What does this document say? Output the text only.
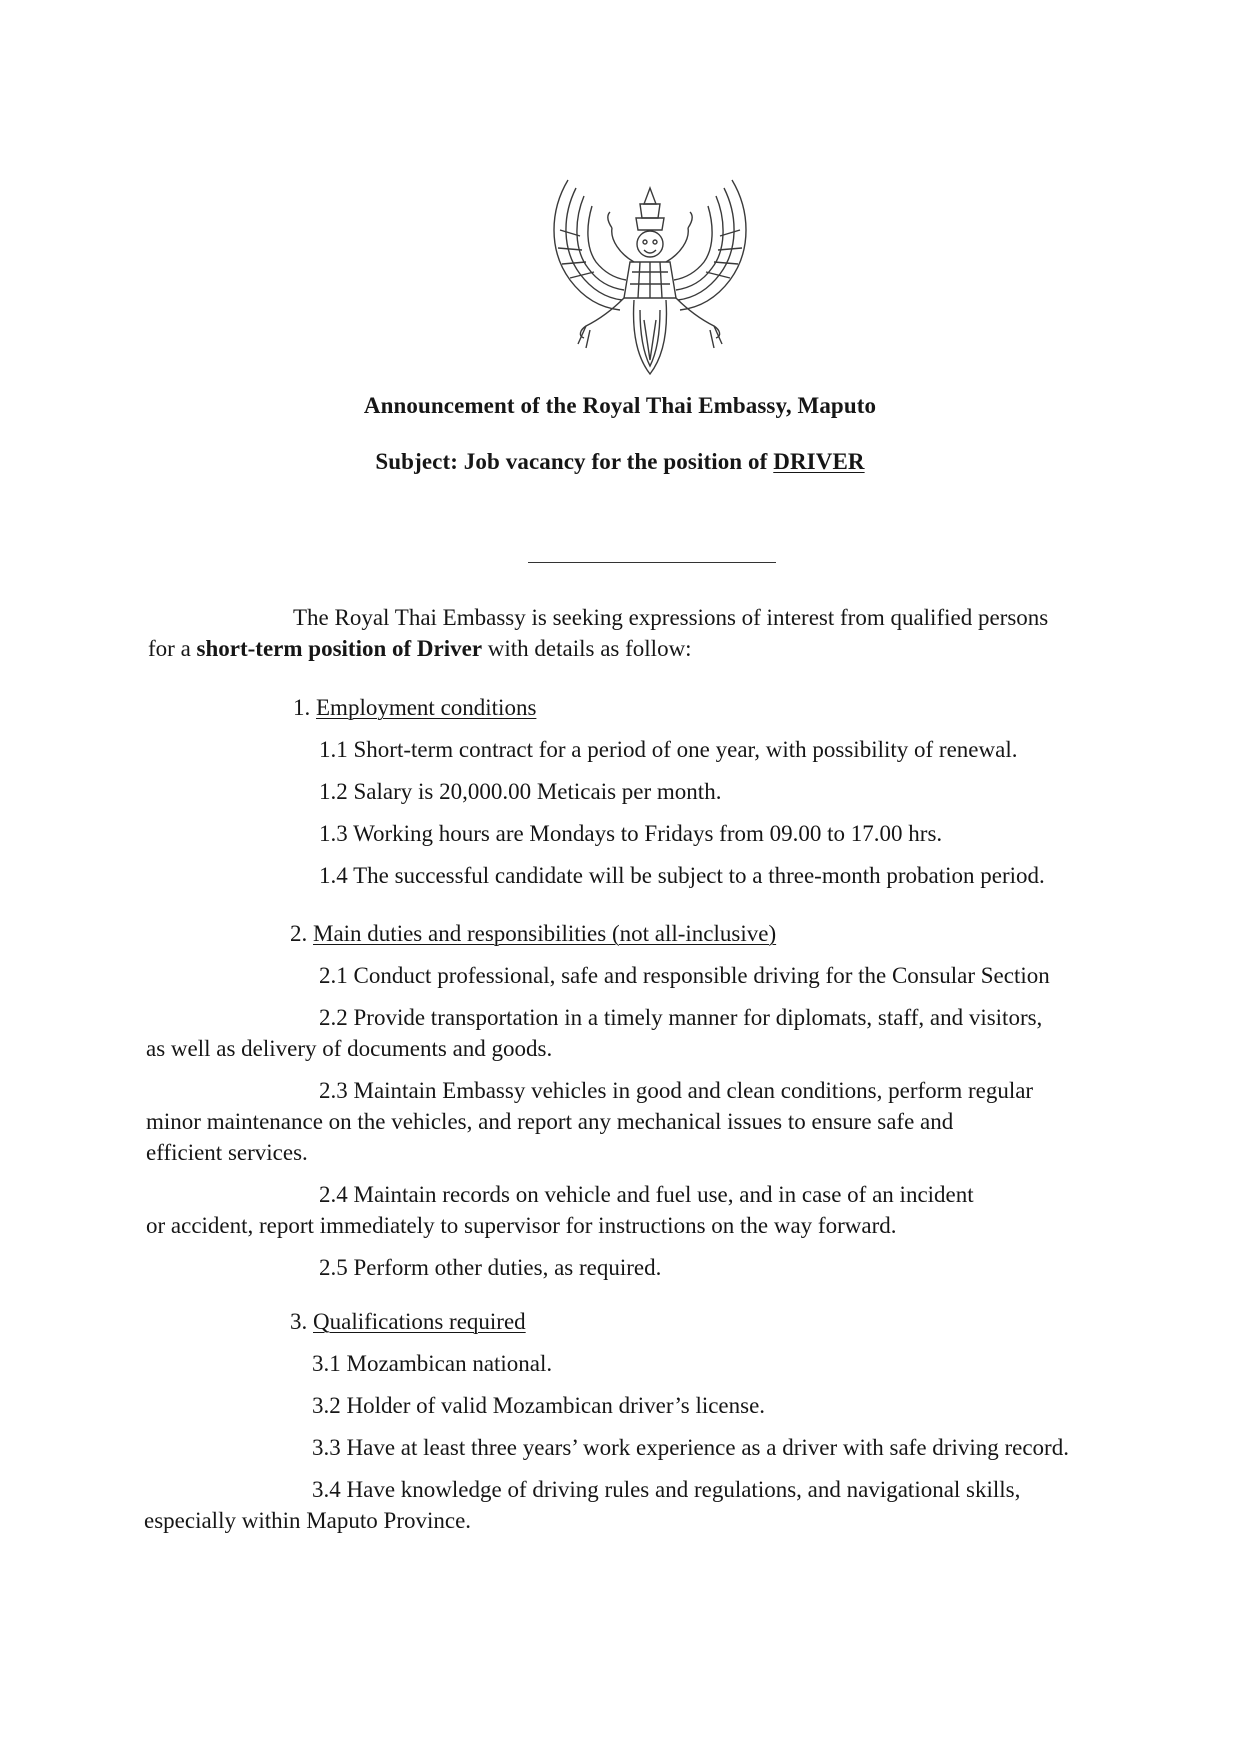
Announcement of the Royal Thai Embassy, Maputo
Subject: Job vacancy for the position of DRIVER
The Royal Thai Embassy is seeking expressions of interest from qualified persons
for a short-term position of Driver with details as follow:
1. Employment conditions
1.1 Short-term contract for a period of one year, with possibility of renewal.
1.2 Salary is 20,000.00 Meticais per month.
1.3 Working hours are Mondays to Fridays from 09.00 to 17.00 hrs.
1.4 The successful candidate will be subject to a three-month probation period.
2. Main duties and responsibilities (not all-inclusive)
2.1 Conduct professional, safe and responsible driving for the Consular Section
2.2 Provide transportation in a timely manner for diplomats, staff, and visitors,
as well as delivery of documents and goods.
2.3 Maintain Embassy vehicles in good and clean conditions, perform regular
minor maintenance on the vehicles, and report any mechanical issues to ensure safe and
efficient services.
2.4 Maintain records on vehicle and fuel use, and in case of an incident
or accident, report immediately to supervisor for instructions on the way forward.
2.5 Perform other duties, as required.
3. Qualifications required
3.1 Mozambican national.
3.2 Holder of valid Mozambican driver’s license.
3.3 Have at least three years’ work experience as a driver with safe driving record.
3.4 Have knowledge of driving rules and regulations, and navigational skills,
especially within Maputo Province.
